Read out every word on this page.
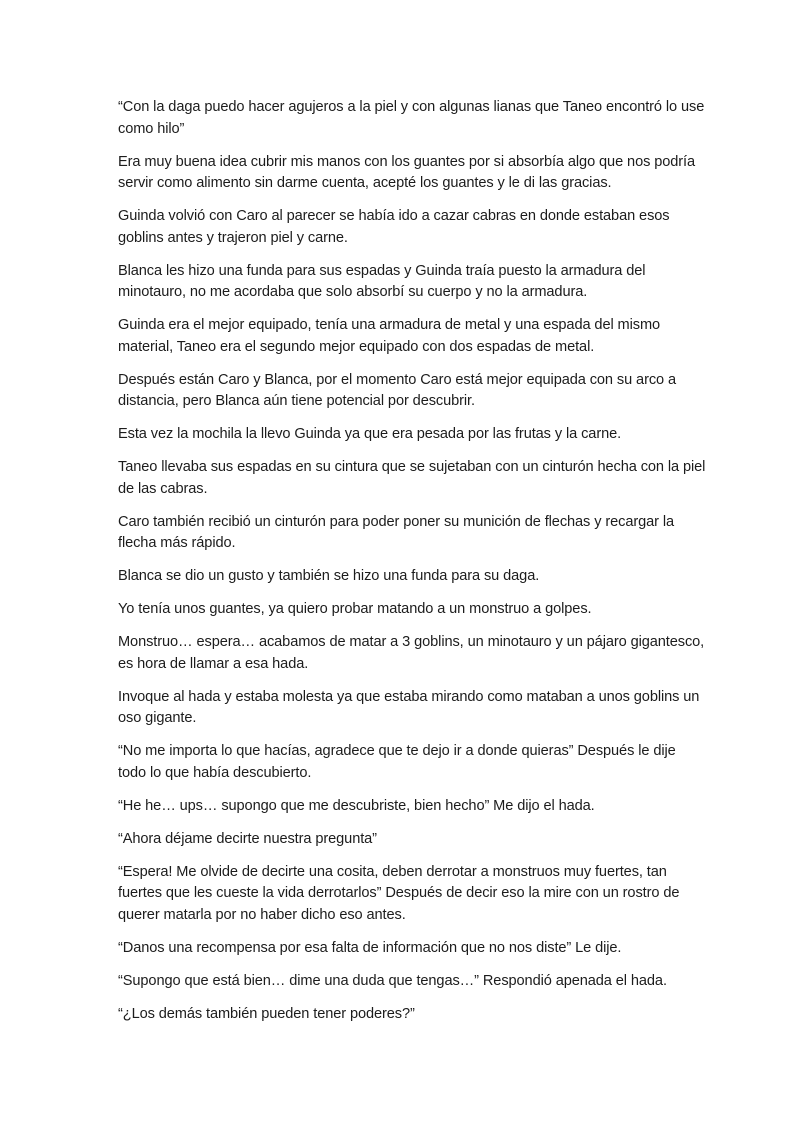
“Con la daga puedo hacer agujeros a la piel y con algunas lianas que Taneo encontró lo use como hilo”

Era muy buena idea cubrir mis manos con los guantes por si absorbía algo que nos podría servir como alimento sin darme cuenta, acepté los guantes y le di las gracias.

Guinda volvió con Caro al parecer se había ido a cazar cabras en donde estaban esos goblins antes y trajeron piel y carne.

Blanca les hizo una funda para sus espadas y Guinda traía puesto la armadura del minotauro, no me acordaba que solo absorbí su cuerpo y no la armadura.

Guinda era el mejor equipado, tenía una armadura de metal y una espada del mismo material, Taneo era el segundo mejor equipado con dos espadas de metal.

Después están Caro y Blanca, por el momento Caro está mejor equipada con su arco a distancia, pero Blanca aún tiene potencial por descubrir.

Esta vez la mochila la llevo Guinda ya que era pesada por las frutas y la carne.

Taneo llevaba sus espadas en su cintura que se sujetaban con un cinturón hecha con la piel de las cabras.

Caro también recibió un cinturón para poder poner su munición de flechas y recargar la flecha más rápido.

Blanca se dio un gusto y también se hizo una funda para su daga.

Yo tenía unos guantes, ya quiero probar matando a un monstruo a golpes.

Monstruo… espera… acabamos de matar a 3 goblins, un minotauro y un pájaro gigantesco, es hora de llamar a esa hada.

Invoque al hada y estaba molesta ya que estaba mirando como mataban a unos goblins un oso gigante.

“No me importa lo que hacías, agradece que te dejo ir a donde quieras” Después le dije todo lo que había descubierto.

“He he… ups… supongo que me descubriste, bien hecho” Me dijo el hada.

“Ahora déjame decirte nuestra pregunta”

“Espera! Me olvide de decirte una cosita, deben derrotar a monstruos muy fuertes, tan fuertes que les cueste la vida derrotarlos” Después de decir eso la mire con un rostro de querer matarla por no haber dicho eso antes.

“Danos una recompensa por esa falta de información que no nos diste” Le dije.

“Supongo que está bien… dime una duda que tengas…” Respondió apenada el hada.

“¿Los demás también pueden tener poderes?”
